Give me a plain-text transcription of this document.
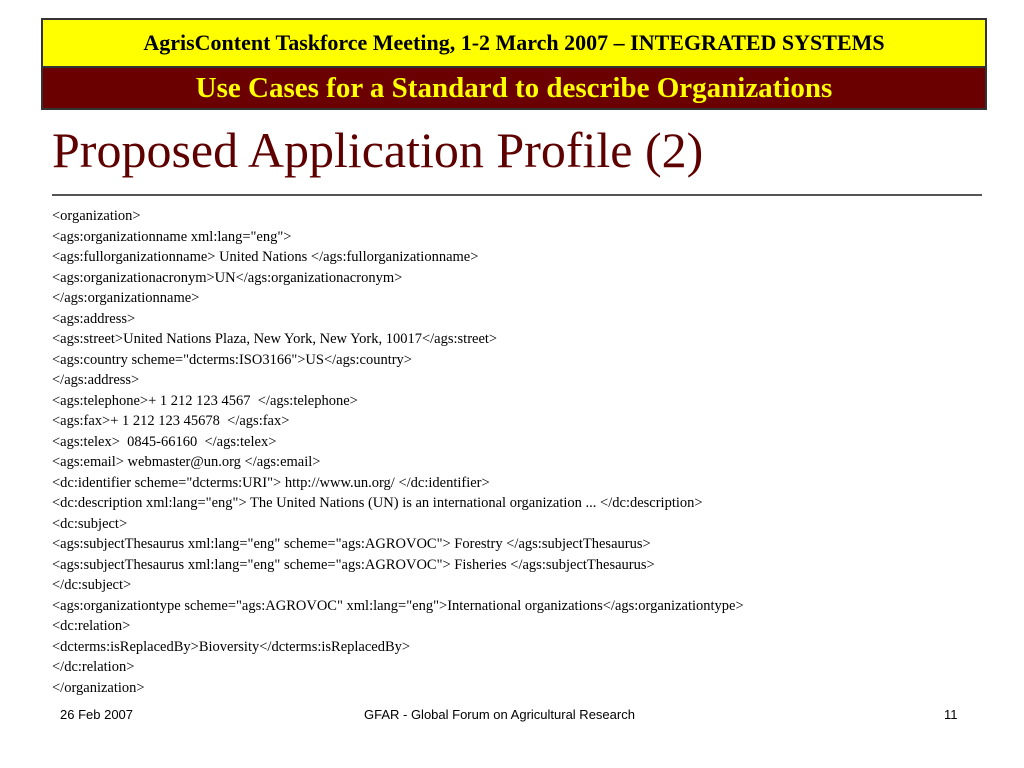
AgrisContent Taskforce Meeting, 1-2 March 2007 – INTEGRATED SYSTEMS
Use Cases for a Standard to describe Organizations
Proposed Application Profile (2)
<organization>
<ags:organizationname xml:lang="eng">
<ags:fullorganizationname> United Nations </ags:fullorganizationname>
<ags:organizationacronym>UN</ags:organizationacronym>
</ags:organizationname>
<ags:address>
<ags:street>United Nations Plaza, New York, New York, 10017</ags:street>
<ags:country scheme="dcterms:ISO3166">US</ags:country>
</ags:address>
<ags:telephone>+ 1 212 123 4567  </ags:telephone>
<ags:fax>+ 1 212 123 45678  </ags:fax>
<ags:telex>  0845-66160  </ags:telex>
<ags:email> webmaster@un.org </ags:email>
<dc:identifier scheme="dcterms:URI"> http://www.un.org/ </dc:identifier>
<dc:description xml:lang="eng"> The United Nations (UN) is an international organization ... </dc:description>
<dc:subject>
<ags:subjectThesaurus xml:lang="eng" scheme="ags:AGROVOC"> Forestry </ags:subjectThesaurus>
<ags:subjectThesaurus xml:lang="eng" scheme="ags:AGROVOC"> Fisheries </ags:subjectThesaurus>
</dc:subject>
<ags:organizationtype scheme="ags:AGROVOC" xml:lang="eng">International organizations</ags:organizationtype>
<dc:relation>
<dcterms:isReplacedBy>Bioversity</dcterms:isReplacedBy>
</dc:relation>
</organization>
26 Feb 2007	GFAR - Global Forum on Agricultural Research	11
